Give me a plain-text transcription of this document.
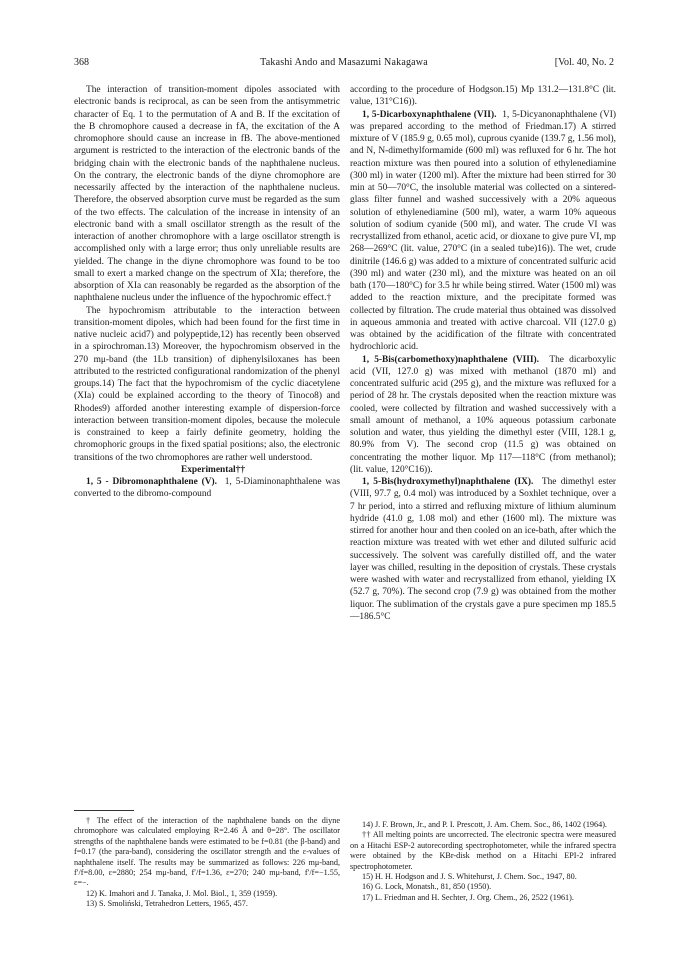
368	Takashi Ando and Masazumi Nakagawa	[Vol. 40, No. 2

The interaction of transition-moment dipoles associated with electronic bands is reciprocal, as can be seen from the antisymmetric character of Eq. 1 to the permutation of A and B. If the excitation of the B chromophore caused a decrease in fA, the excitation of the A chromophore should cause an increase in fB. The above-mentioned argument is restricted to the interaction of the electronic bands of the bridging chain with the electronic bands of the naphthalene nucleus. On the contrary, the electronic bands of the diyne chromophore are necessarily affected by the interaction of the naphthalene nucleus. Therefore, the observed absorption curve must be regarded as the sum of the two effects. The calculation of the increase in intensity of an electronic band with a small oscillator strength as the result of the interaction of another chromophore with a large oscillator strength is accomplished only with a large error; thus only unreliable results are yielded. The change in the diyne chromophore was found to be too small to exert a marked change on the spectrum of XIa; therefore, the absorption of XIa can reasonably be regarded as the absorption of the naphthalene nucleus under the influence of the hypochromic effect.†

The hypochromism attributable to the interaction between transition-moment dipoles, which had been found for the first time in native nucleic acid7) and polypeptide,12) has recently been observed in a spirochroman.13) Moreover, the hypochromism observed in the 270 mμ-band (the 1Lb transition) of diphenylsiloxanes has been attributed to the restricted configurational randomization of the phenyl groups.14) The fact that the hypochromism of the cyclic diacetylene (XIa) could be explained according to the theory of Tinoco8) and Rhodes9) afforded another interesting example of dispersion-force interaction between transition-moment dipoles, because the molecule is constrained to keep a fairly definite geometry, holding the chromophoric groups in the fixed spatial positions; also, the electronic transitions of the two chromophores are rather well understood.

Experimental††

1, 5 - Dibromonaphthalene (V). 1, 5-Diaminonaphthalene was converted to the dibromo-compound

† The effect of the interaction of the naphthalene bands on the diyne chromophore was calculated employing R=2.46 Å and θ=28°. The oscillator strengths of the naphthalene bands were estimated to be f=0.81 (the β-band) and f=0.17 (the para-band), considering the oscillator strength and the ε-values of naphthalene itself. The results may be summarized as follows: 226 mμ-band, f′/f=8.00, ε=2880; 254 mμ-band, f′/f=1.36, ε=270; 240 mμ-band, f′/f=−1.55, ε=−.

12) K. Imahori and J. Tanaka, J. Mol. Biol., 1, 359 (1959).

13) S. Smoliński, Tetrahedron Letters, 1965, 457.

according to the procedure of Hodgson.15) Mp 131.2—131.8°C (lit. value, 131°C16)).

1, 5-Dicarboxynaphthalene (VII). 1, 5-Dicyanonaphthalene (VI) was prepared according to the method of Friedman.17) A stirred mixture of V (185.9 g, 0.65 mol), cuprous cyanide (139.7 g, 1.56 mol), and N, N-dimethylformamide (600 ml) was refluxed for 6 hr. The hot reaction mixture was then poured into a solution of ethylenediamine (300 ml) in water (1200 ml). After the mixture had been stirred for 30 min at 50—70°C, the insoluble material was collected on a sintered-glass filter funnel and washed successively with a 20% aqueous solution of ethylenediamine (500 ml), water, a warm 10% aqueous solution of sodium cyanide (500 ml), and water. The crude VI was recrystallized from ethanol, acetic acid, or dioxane to give pure VI, mp 268—269°C (lit. value, 270°C (in a sealed tube)16)). The wet, crude dinitrile (146.6 g) was added to a mixture of concentrated sulfuric acid (390 ml) and water (230 ml), and the mixture was heated on an oil bath (170—180°C) for 3.5 hr while being stirred. Water (1500 ml) was added to the reaction mixture, and the precipitate formed was collected by filtration. The crude material thus obtained was dissolved in aqueous ammonia and treated with active charcoal. VII (127.0 g) was obtained by the acidification of the filtrate with concentrated hydrochloric acid.

1, 5-Bis(carbomethoxy)naphthalene (VIII). The dicarboxylic acid (VII, 127.0 g) was mixed with methanol (1870 ml) and concentrated sulfuric acid (295 g), and the mixture was refluxed for a period of 28 hr. The crystals deposited when the reaction mixture was cooled, were collected by filtration and washed successively with a small amount of methanol, a 10% aqueous potassium carbonate solution and water, thus yielding the dimethyl ester (VIII, 128.1 g, 80.9% from V). The second crop (11.5 g) was obtained on concentrating the mother liquor. Mp 117—118°C (from methanol); (lit. value, 120°C16)).

1, 5-Bis(hydroxymethyl)naphthalene (IX). The dimethyl ester (VIII, 97.7 g, 0.4 mol) was introduced by a Soxhlet technique, over a 7 hr period, into a stirred and refluxing mixture of lithium aluminum hydride (41.0 g, 1.08 mol) and ether (1600 ml). The mixture was stirred for another hour and then cooled on an ice-bath, after which the reaction mixture was treated with wet ether and diluted sulfuric acid successively. The solvent was carefully distilled off, and the water layer was chilled, resulting in the deposition of crystals. These crystals were washed with water and recrystallized from ethanol, yielding IX (52.7 g, 70%). The second crop (7.9 g) was obtained from the mother liquor. The sublimation of the crystals gave a pure specimen mp 185.5—186.5°C

14) J. F. Brown, Jr., and P. I. Prescott, J. Am. Chem. Soc., 86, 1402 (1964).

†† All melting points are uncorrected. The electronic spectra were measured on a Hitachi ESP-2 autorecording spectrophotometer, while the infrared spectra were obtained by the KBr-disk method on a Hitachi EPI-2 infrared spectrophotometer.

15) H. H. Hodgson and J. S. Whitehurst, J. Chem. Soc., 1947, 80.

16) G. Lock, Monatsh., 81, 850 (1950).

17) L. Friedman and H. Sechter, J. Org. Chem., 26, 2522 (1961).
